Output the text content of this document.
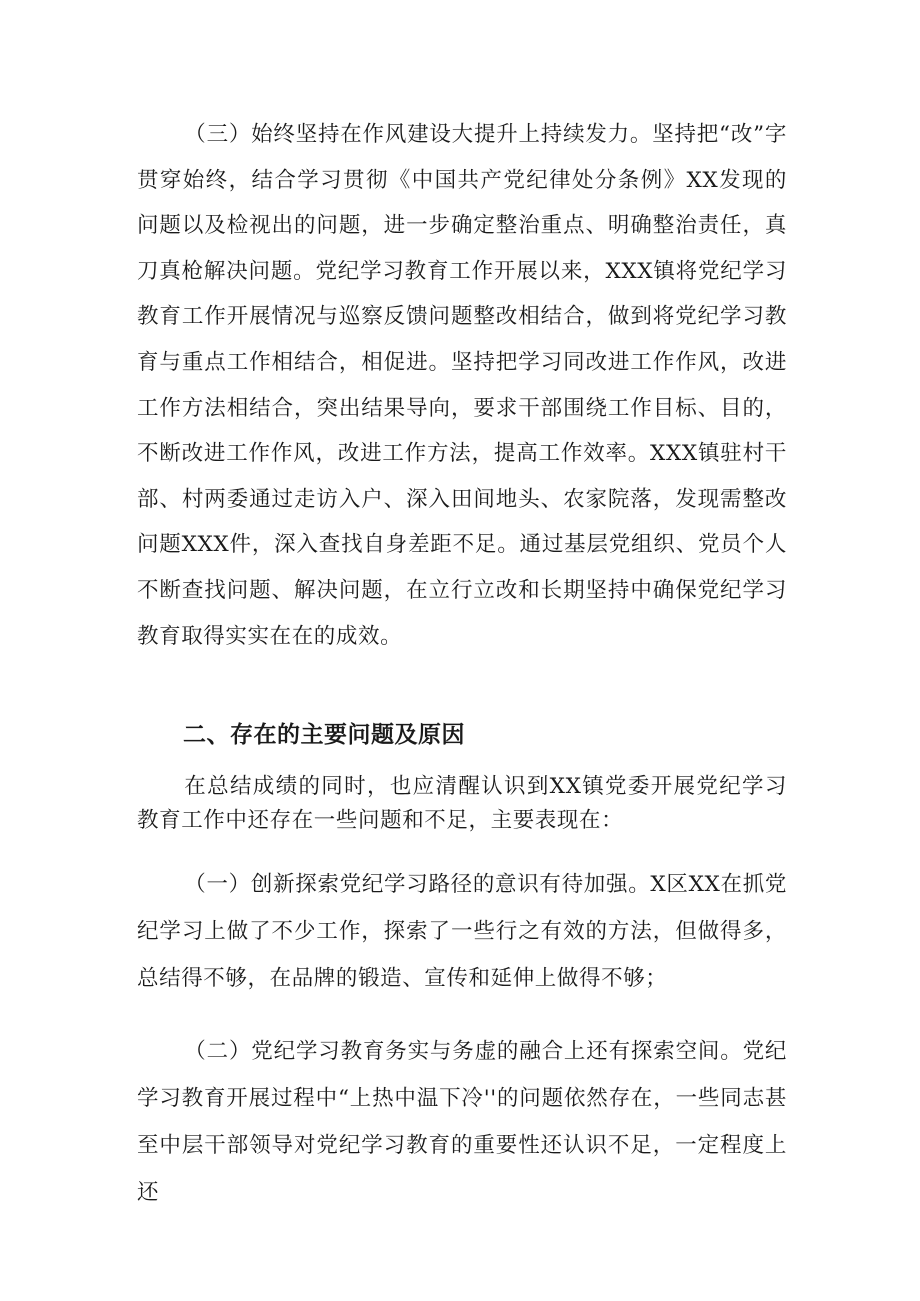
（三）始终坚持在作风建设大提升上持续发力。坚持把“改”字贯穿始终，结合学习贯彻《中国共产党纪律处分条例》XX发现的问题以及检视出的问题，进一步确定整治重点、明确整治责任，真刀真枪解决问题。党纪学习教育工作开展以来，XXX镇将党纪学习教育工作开展情况与巡察反馈问题整改相结合，做到将党纪学习教育与重点工作相结合，相促进。坚持把学习同改进工作作风，改进工作方法相结合，突出结果导向，要求干部围绕工作目标、目的，不断改进工作作风，改进工作方法，提高工作效率。XXX镇驻村干部、村两委通过走访入户、深入田间地头、农家院落，发现需整改问题XXX件，深入查找自身差距不足。通过基层党组织、党员个人不断查找问题、解决问题，在立行立改和长期坚持中确保党纪学习教育取得实实在在的成效。

二、存在的主要问题及原因

在总结成绩的同时，也应清醒认识到XX镇党委开展党纪学习教育工作中还存在一些问题和不足，主要表现在：

（一）创新探索党纪学习路径的意识有待加强。X区XX在抓党纪学习上做了不少工作，探索了一些行之有效的方法，但做得多，总结得不够，在品牌的锻造、宣传和延伸上做得不够；

（二）党纪学习教育务实与务虚的融合上还有探索空间。党纪学习教育开展过程中“上热中温下冷''的问题依然存在，一些同志甚至中层干部领导对党纪学习教育的重要性还认识不足，一定程度上还
